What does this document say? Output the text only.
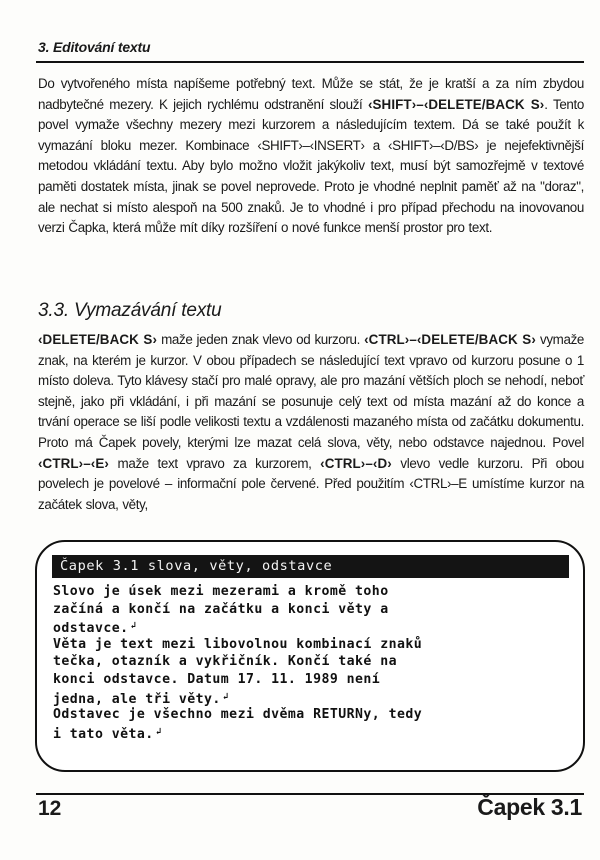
3. Editování textu
Do vytvořeného místa napíšeme potřebný text. Může se stát, že je kratší a za ním zbydou nadbytečné mezery. K jejich rychlému odstranění slouží ‹SHIFT›–‹DELETE/BACK S›. Tento povel vymaže všechny mezery mezi kurzorem a následujícím textem. Dá se také použít k vymazání bloku mezer. Kombinace ‹SHIFT›–‹INSERT› a ‹SHIFT›–‹D/BS› je nejefektivnější metodou vkládání textu. Aby bylo možno vložit jakýkoliv text, musí být samozřejmě v textové paměti dostatek místa, jinak se povel neprovede. Proto je vhodné neplnit paměť až na "doraz", ale nechat si místo alespoň na 500 znaků. Je to vhodné i pro případ přechodu na inovovanou verzi Čapka, která může mít díky rozšíření o nové funkce menší prostor pro text.
3.3. Vymazávání textu
‹DELETE/BACK S› maže jeden znak vlevo od kurzoru. ‹CTRL›–‹DELETE/BACK S› vymaže znak, na kterém je kurzor. V obou případech se následující text vpravo od kurzoru posune o 1 místo doleva. Tyto klávesy stačí pro malé opravy, ale pro mazání větších ploch se nehodí, neboť stejně, jako při vkládání, i při mazání se posunuje celý text od místa mazání až do konce a trvání operace se liší podle velikosti textu a vzdálenosti mazaného místa od začátku dokumentu. Proto má Čapek povely, kterými lze mazat celá slova, věty, nebo odstavce najednou. Povel ‹CTRL›–‹E› maže text vpravo za kurzorem, ‹CTRL›–‹D› vlevo vedle kurzoru. Při obou povelech je povelové – informační pole červené. Před použitím ‹CTRL›–E umístíme kurzor na začátek slova, věty,
Čapek 3.1 slova, věty, odstavce
Slovo je úsek mezi mezerami a kromě toho
začíná a končí na začátku a konci věty a
odstavce. ↲
Věta je text mezi libovolnou kombinací znaků
tečka, otazník a vykřičník. Končí také na
konci odstavce. Datum 17. 11. 1989 není
jedna, ale tři věty. ↲
Odstavec je všechno mezi dvěma RETURNy, tedy
i tato věta. ↲
12	Čapek 3.1
